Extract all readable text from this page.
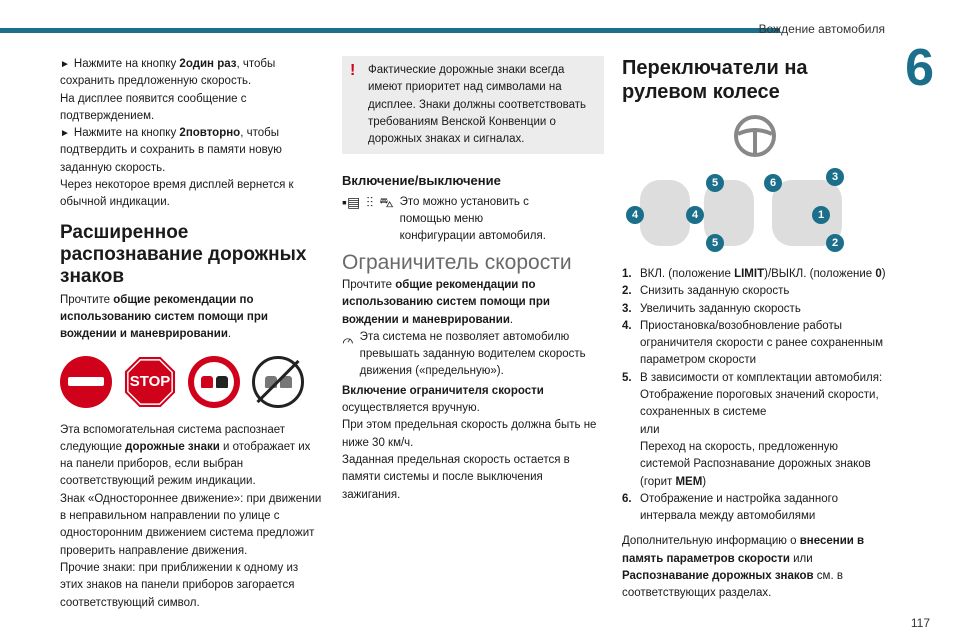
Вождение автомобиля
6

► Нажмите на кнопку 2один раз, чтобы сохранить предложенную скорость.

На дисплее появится сообщение с подтверждением.

► Нажмите на кнопку 2повторно, чтобы подтвердить и сохранить в памяти новую заданную скорость.

Через некоторое время дисплей вернется к обычной индикации.

Расширенное распознавание дорожных знаков

Прочтите общие рекомендации по использованию систем помощи при вождении и маневрировании.

STOP

Эта вспомогательная система распознает следующие дорожные знаки и отображает их на панели приборов, если выбран соответствующий режим индикации.

Знак «Одностороннее движение»: при движении в неправильном направлении по улице с односторонним движением система предложит проверить направление движения.

Прочие знаки: при приближении к одному из этих знаков на панели приборов загорается соответствующий символ.

! Фактические дорожные знаки всегда имеют приоритет над символами на дисплее. Знаки должны соответствовать требованиям Венской Конвенции о дорожных знаках и сигналах.

Включение/выключение
▪▤ ⫶⫶ ⛍ Это можно установить с помощью меню конфигурации автомобиля.

Ограничитель скорости

Прочтите общие рекомендации по использованию систем помощи при вождении и маневрировании.

Эта система не позволяет автомобилю превышать заданную водителем скорость движения («предельную»).

Включение ограничителя скорости

осуществляется вручную.

При этом предельная скорость должна быть не ниже 30 км/ч.

Заданная предельная скорость остается в памяти системы и после выключения зажигания.

Переключатели на рулевом колесе
4
5
4
5
6	3
1
2
1. ВКЛ. (положение LIMIT)/ВЫКЛ. (положение 0)
2. Снизить заданную скорость
3. Увеличить заданную скорость
4. Приостановка/возобновление работы ограничителя скорости с ранее сохраненным параметром скорости
5. В зависимости от комплектации автомобиля:
Отображение пороговых значений скорости, сохраненных в системе
или
Переход на скорость, предложенную системой Распознавание дорожных знаков (горит MEM)
6. Отображение и настройка заданного интервала между автомобилями

Дополнительную информацию о внесении в память параметров скорости или Распознавание дорожных знаков см. в соответствующих разделах.

117
